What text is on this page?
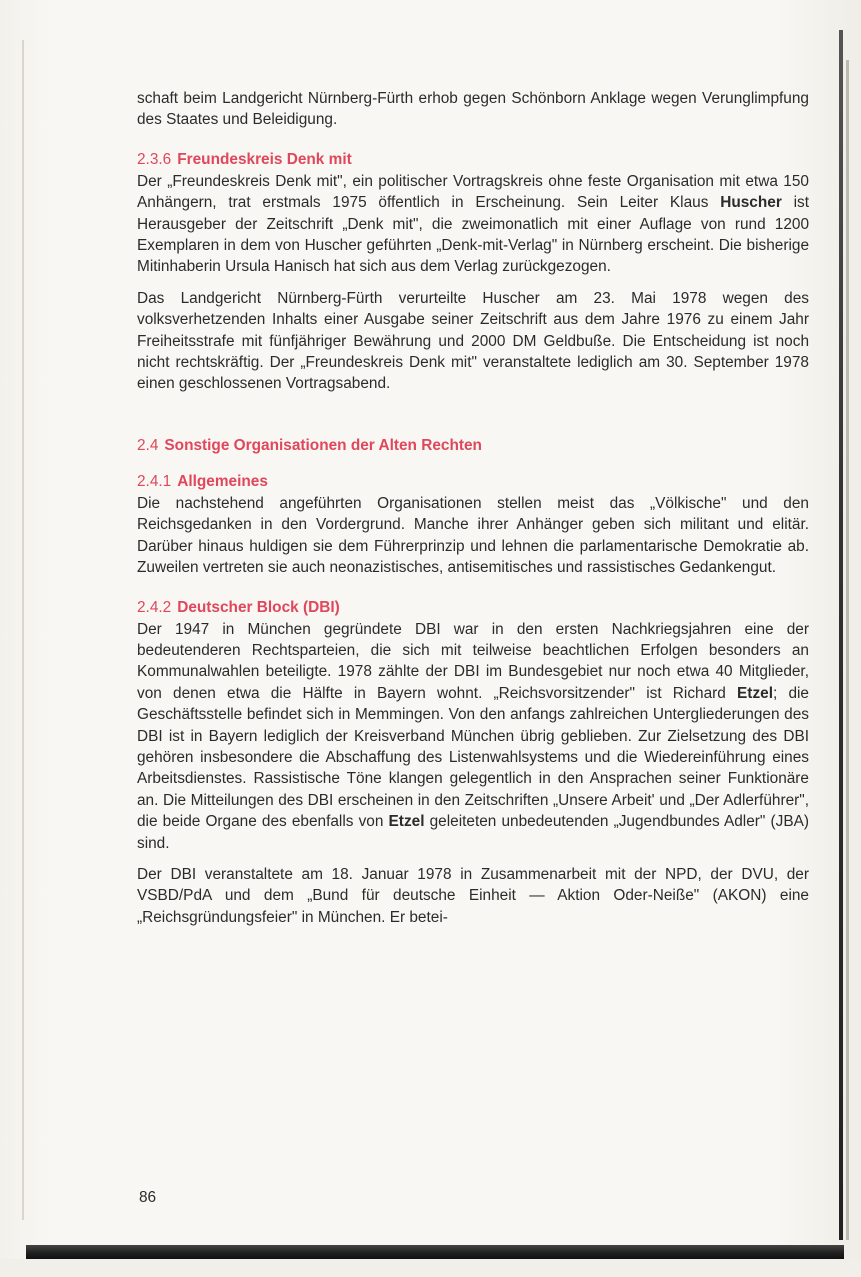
schaft beim Landgericht Nürnberg-Fürth erhob gegen Schönborn Anklage wegen Verunglimpfung des Staates und Beleidigung.

2.3.6 Freundeskreis Denk mit

Der „Freundeskreis Denk mit", ein politischer Vortragskreis ohne feste Organisation mit etwa 150 Anhängern, trat erstmals 1975 öffentlich in Erscheinung. Sein Leiter Klaus Huscher ist Herausgeber der Zeitschrift „Denk mit", die zweimonatlich mit einer Auflage von rund 1200 Exemplaren in dem von Huscher geführten „Denk-mit-Verlag" in Nürnberg erscheint. Die bisherige Mitinhaberin Ursula Hanisch hat sich aus dem Verlag zurückgezogen.

Das Landgericht Nürnberg-Fürth verurteilte Huscher am 23. Mai 1978 wegen des volksverhetzenden Inhalts einer Ausgabe seiner Zeitschrift aus dem Jahre 1976 zu einem Jahr Freiheitsstrafe mit fünfjähriger Bewährung und 2000 DM Geldbuße. Die Entscheidung ist noch nicht rechtskräftig. Der „Freundeskreis Denk mit" veranstaltete lediglich am 30. September 1978 einen geschlossenen Vortragsabend.

2.4 Sonstige Organisationen der Alten Rechten
2.4.1 Allgemeines

Die nachstehend angeführten Organisationen stellen meist das „Völkische" und den Reichsgedanken in den Vordergrund. Manche ihrer Anhänger geben sich militant und elitär. Darüber hinaus huldigen sie dem Führerprinzip und lehnen die parlamentarische Demokratie ab. Zuweilen vertreten sie auch neonazistisches, antisemitisches und rassistisches Gedankengut.

2.4.2 Deutscher Block (DBI)

Der 1947 in München gegründete DBI war in den ersten Nachkriegsjahren eine der bedeutenderen Rechtsparteien, die sich mit teilweise beachtlichen Erfolgen besonders an Kommunalwahlen beteiligte. 1978 zählte der DBI im Bundesgebiet nur noch etwa 40 Mitglieder, von denen etwa die Hälfte in Bayern wohnt. „Reichsvorsitzender" ist Richard Etzel; die Geschäftsstelle befindet sich in Memmingen. Von den anfangs zahlreichen Untergliederungen des DBI ist in Bayern lediglich der Kreisverband München übrig geblieben. Zur Zielsetzung des DBI gehören insbesondere die Abschaffung des Listenwahlsystems und die Wiedereinführung eines Arbeitsdienstes. Rassistische Töne klangen gelegentlich in den Ansprachen seiner Funktionäre an. Die Mitteilungen des DBI erscheinen in den Zeitschriften „Unsere Arbeit' und „Der Adlerführer", die beide Organe des ebenfalls von Etzel geleiteten unbedeutenden „Jugendbundes Adler" (JBA) sind.

Der DBI veranstaltete am 18. Januar 1978 in Zusammenarbeit mit der NPD, der DVU, der VSBD/PdA und dem „Bund für deutsche Einheit — Aktion Oder-Neiße" (AKON) eine „Reichsgründungsfeier" in München. Er betei-

86
